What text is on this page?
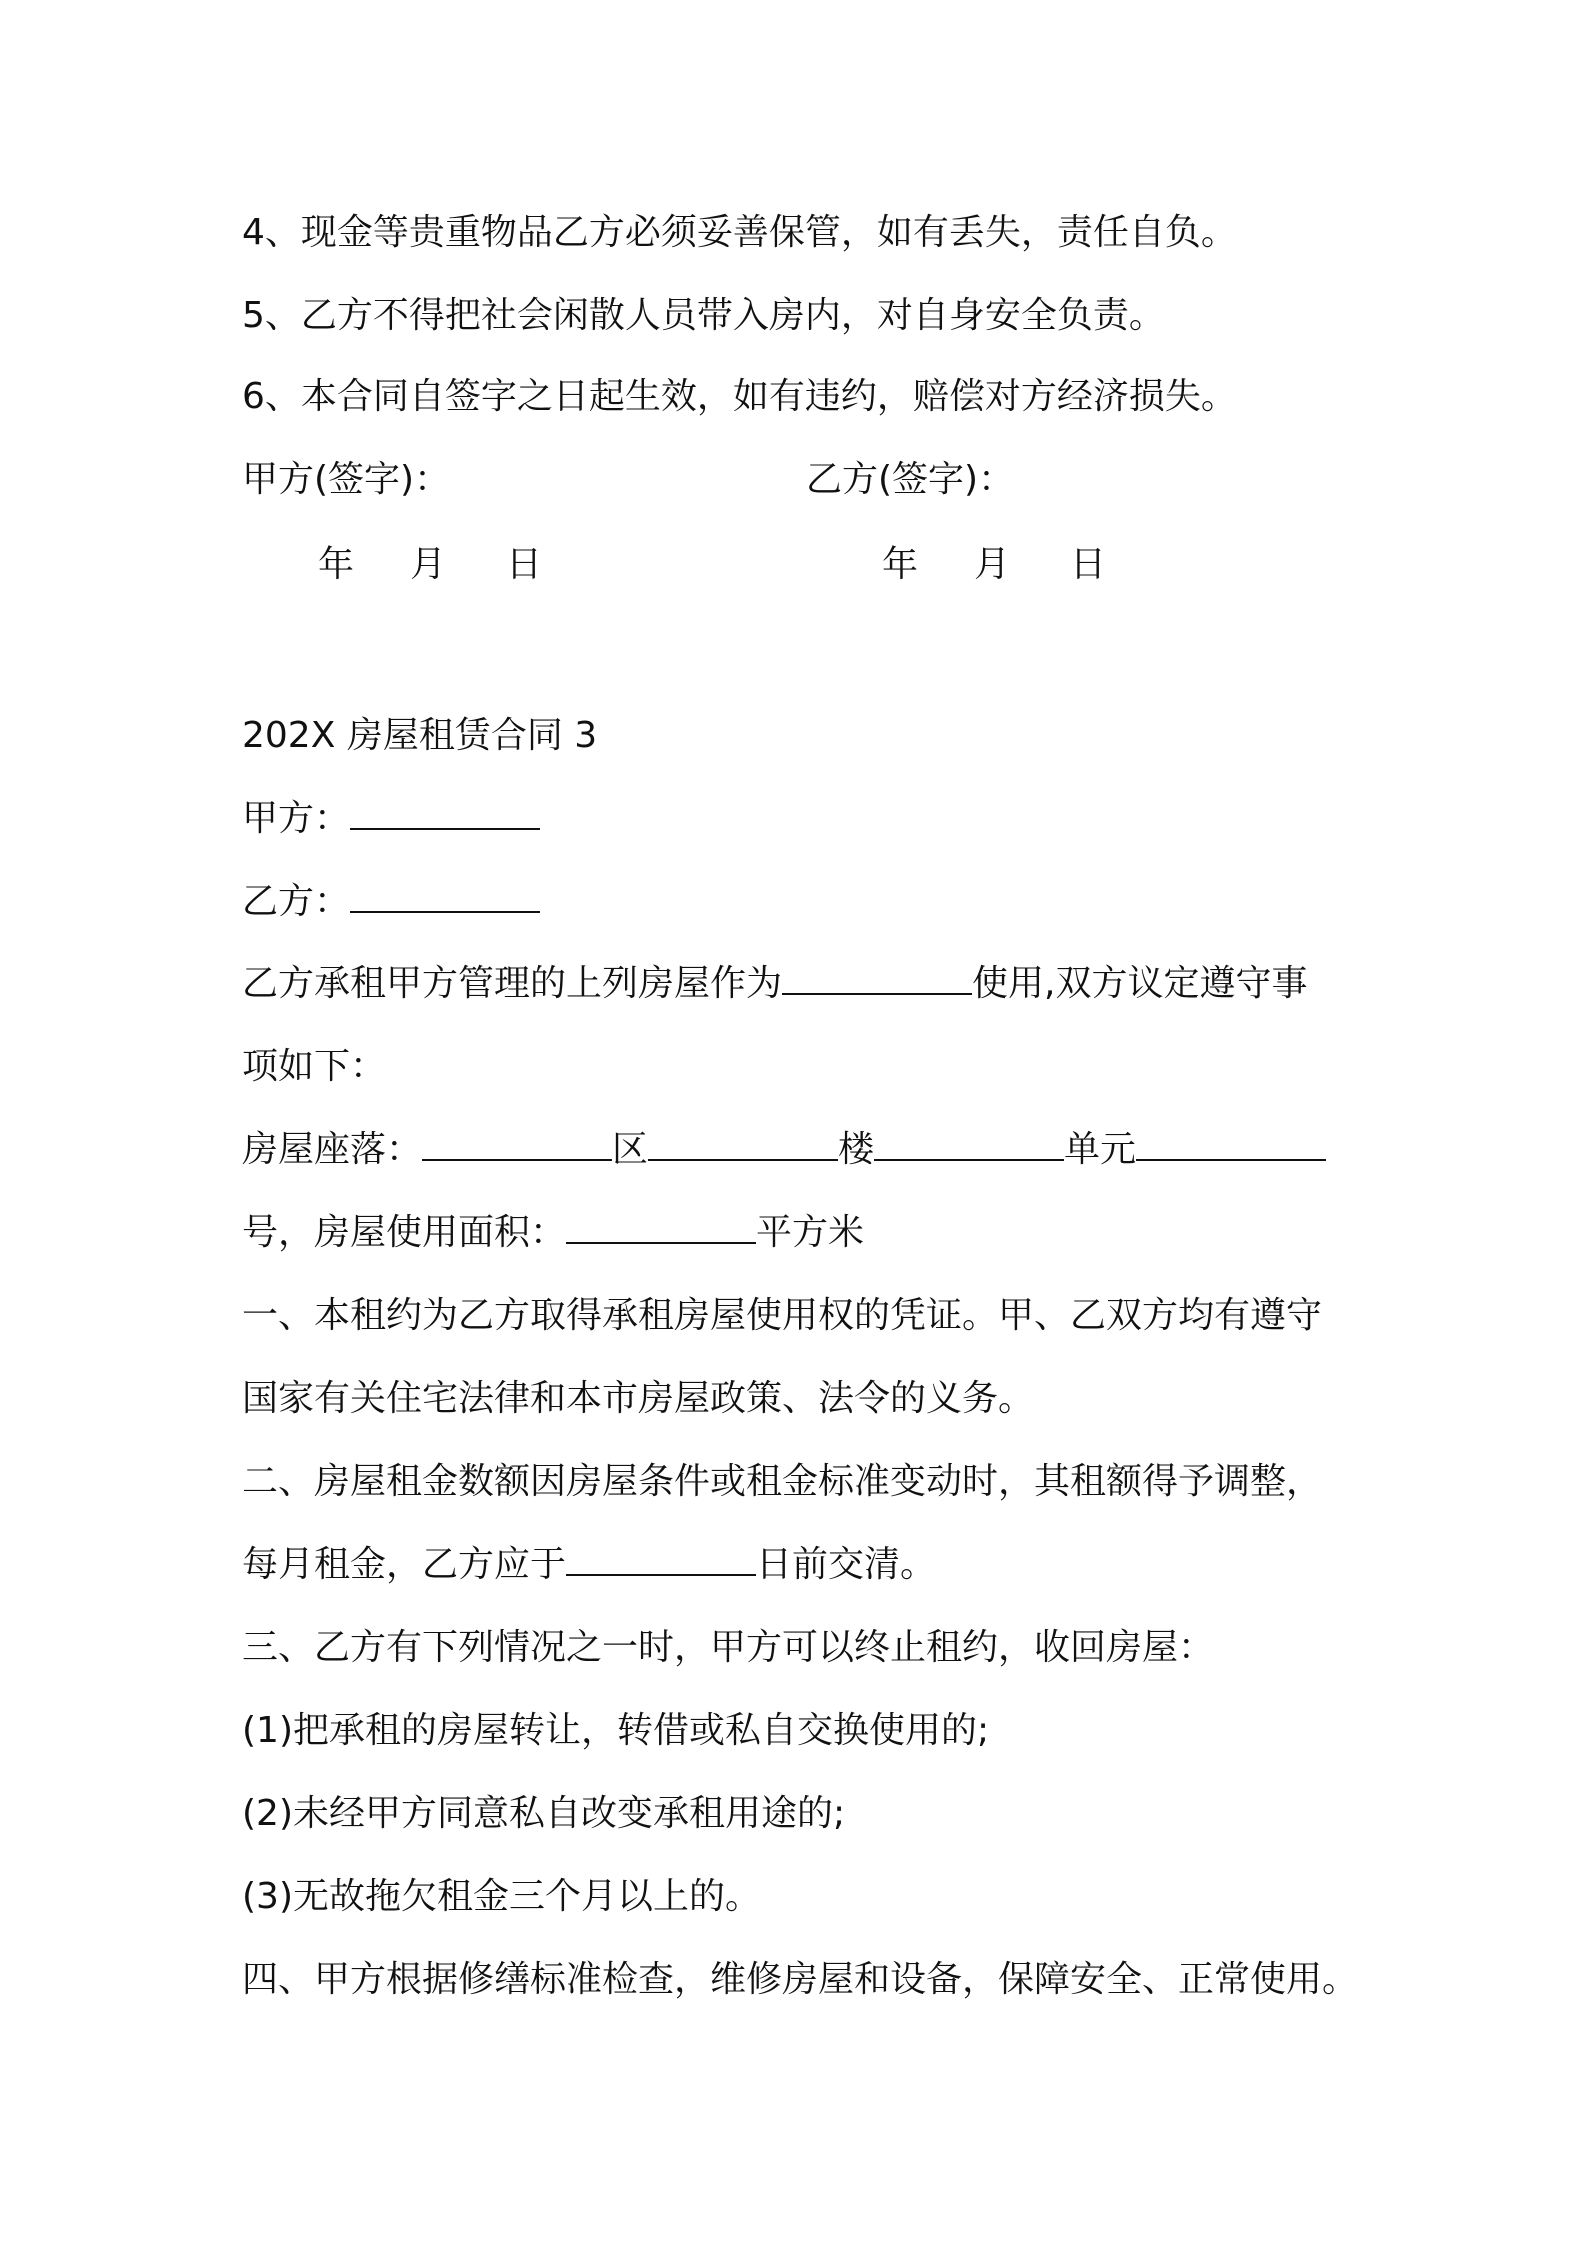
4、现金等贵重物品乙方必须妥善保管，如有丢失，责任自负。
5、乙方不得把社会闲散人员带入房内，对自身安全负责。
6、本合同自签字之日起生效，如有违约，赔偿对方经济损失。
甲方(签字)：	乙方(签字)：
年 月 日	年 月 日
202X 房屋租赁合同 3
甲方：
乙方：
乙方承租甲方管理的上列房屋作为	使用,双方议定遵守事
项如下：
房屋座落：	区	楼	单元
号，房屋使用面积：	平方米
一、本租约为乙方取得承租房屋使用权的凭证。甲、乙双方均有遵守
国家有关住宅法律和本市房屋政策、法令的义务。
二、房屋租金数额因房屋条件或租金标准变动时，其租额得予调整，
每月租金，乙方应于	日前交清。
三、乙方有下列情况之一时，甲方可以终止租约，收回房屋：
(1)把承租的房屋转让，转借或私自交换使用的;
(2)未经甲方同意私自改变承租用途的;
(3)无故拖欠租金三个月以上的。
四、甲方根据修缮标准检查，维修房屋和设备，保障安全、正常使用。
